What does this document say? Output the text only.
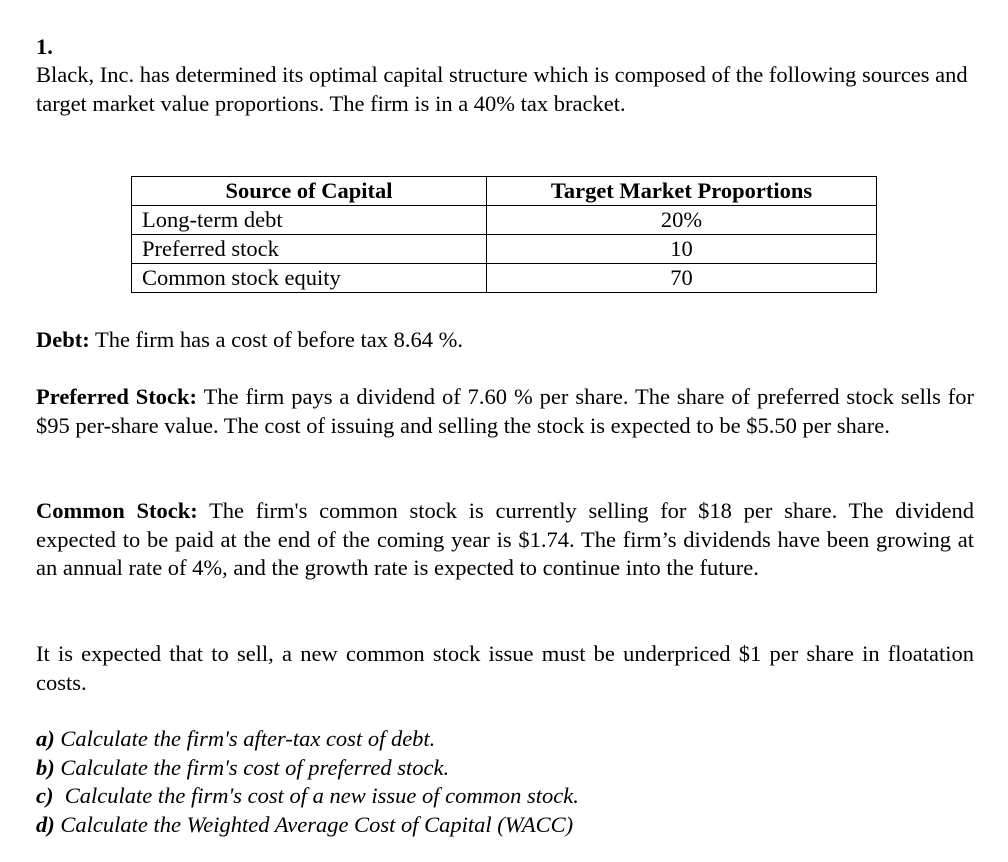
1.

Black, Inc. has determined its optimal capital structure which is composed of the following sources and target market value proportions. The firm is in a 40% tax bracket.

Source of Capital	Target Market Proportions
Long-term debt	20%
Preferred stock	10
Common stock equity	70

Debt: The firm has a cost of before tax 8.64 %.

Preferred Stock: The firm pays a dividend of 7.60 % per share. The share of preferred stock sells for $95 per-share value. The cost of issuing and selling the stock is expected to be $5.50 per share.

Common Stock: The firm's common stock is currently selling for $18 per share. The dividend expected to be paid at the end of the coming year is $1.74. The firm’s dividends have been growing at an annual rate of 4%, and the growth rate is expected to continue into the future.

It is expected that to sell, a new common stock issue must be underpriced $1 per share in floatation costs.

a) Calculate the firm's after-tax cost of debt.
b) Calculate the firm's cost of preferred stock.
c)  Calculate the firm's cost of a new issue of common stock.
d) Calculate the Weighted Average Cost of Capital (WACC)
